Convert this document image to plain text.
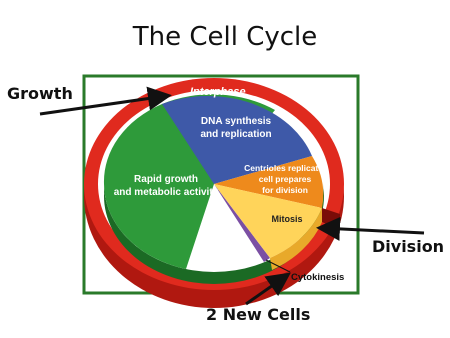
The Cell Cycle
Interphase
DNA synthesis
and replication
Rapid growth
and metabolic activity
Centrioles replicate;
cell prepares
for division
Mitosis
Cytokinesis
Growth
Division
2 New Cells
